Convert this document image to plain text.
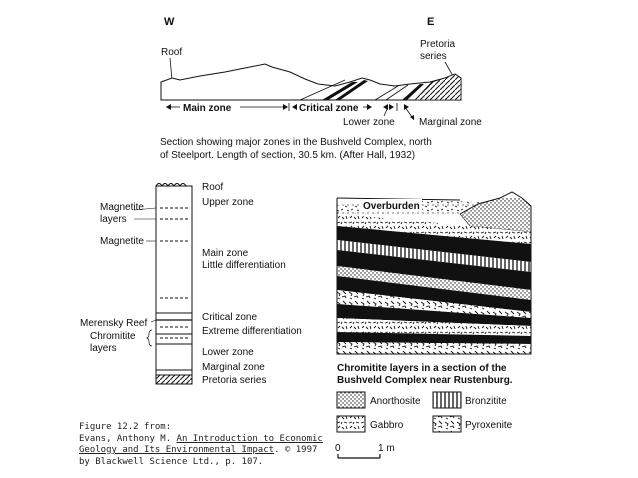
W	E
Roof
Pretoria
series
Main zone	Critical zone
Lower zone Marginal zone
Section showing major zones in the Bushveld Complex, north
of Steelport. Length of section, 30.5 km. (After Hall, 1932)
Magnetite
layers
Magnetite
Merensky Reef
Chromitite
layers
Roof
Upper zone
Main zone
Little differentiation
Critical zone
Extreme differentiation
Lower zone
Marginal zone
Pretoria series
Overburden
Chromitite layers in a section of the
Bushveld Complex near Rustenburg.
Anorthosite	Bronzitite
Gabbro	Pyroxenite
0	1 m
Figure 12.2 from:
Evans, Anthony M. An Introduction to Economic
Geology and Its Environmental Impact. © 1997
by Blackwell Science Ltd., p. 107.
